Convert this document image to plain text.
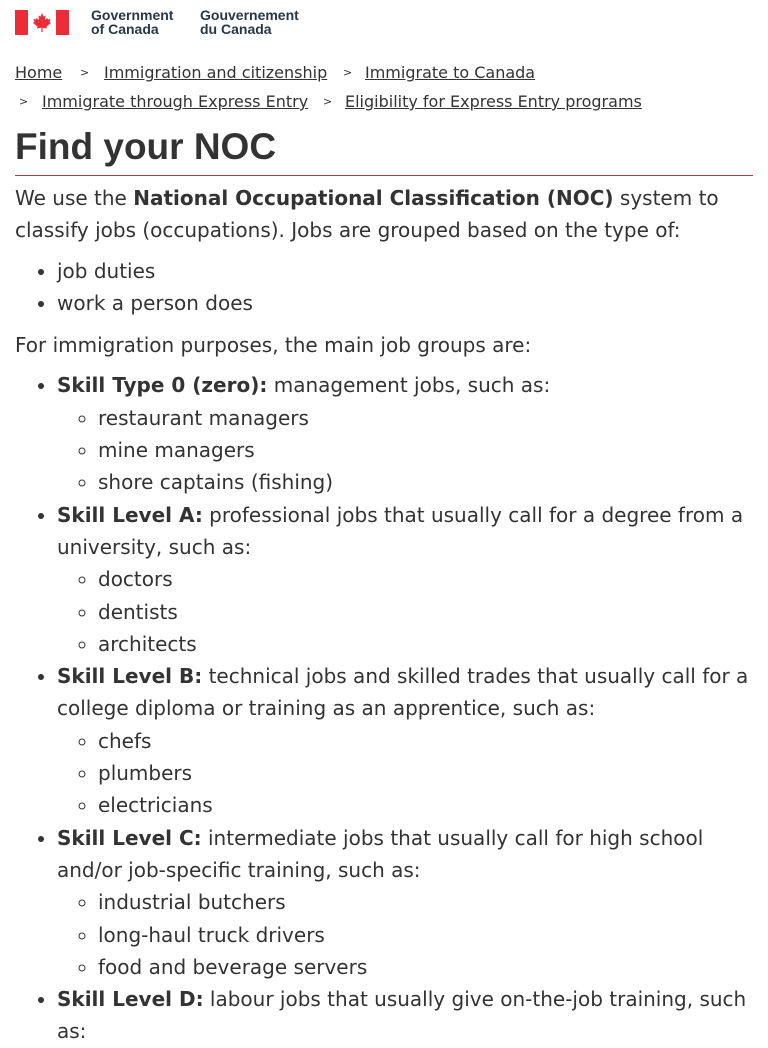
Government
of Canada
Gouvernement
du Canada
Home > Immigration and citizenship > Immigrate to Canada
> Immigrate through Express Entry > Eligibility for Express Entry programs
Find your NOC

We use the National Occupational Classification (NOC) system to classify jobs (occupations). Jobs are grouped based on the type of:

• job duties
• work a person does

For immigration purposes, the main job groups are:

• Skill Type 0 (zero): management jobs, such as:
◦ restaurant managers
◦ mine managers
◦ shore captains (fishing)
• Skill Level A: professional jobs that usually call for a degree from a university, such as:
◦ doctors
◦ dentists
◦ architects
• Skill Level B: technical jobs and skilled trades that usually call for a college diploma or training as an apprentice, such as:
◦ chefs
◦ plumbers
◦ electricians
• Skill Level C: intermediate jobs that usually call for high school and/or job-specific training, such as:
◦ industrial butchers
◦ long-haul truck drivers
◦ food and beverage servers
• Skill Level D: labour jobs that usually give on-the-job training, such as:
